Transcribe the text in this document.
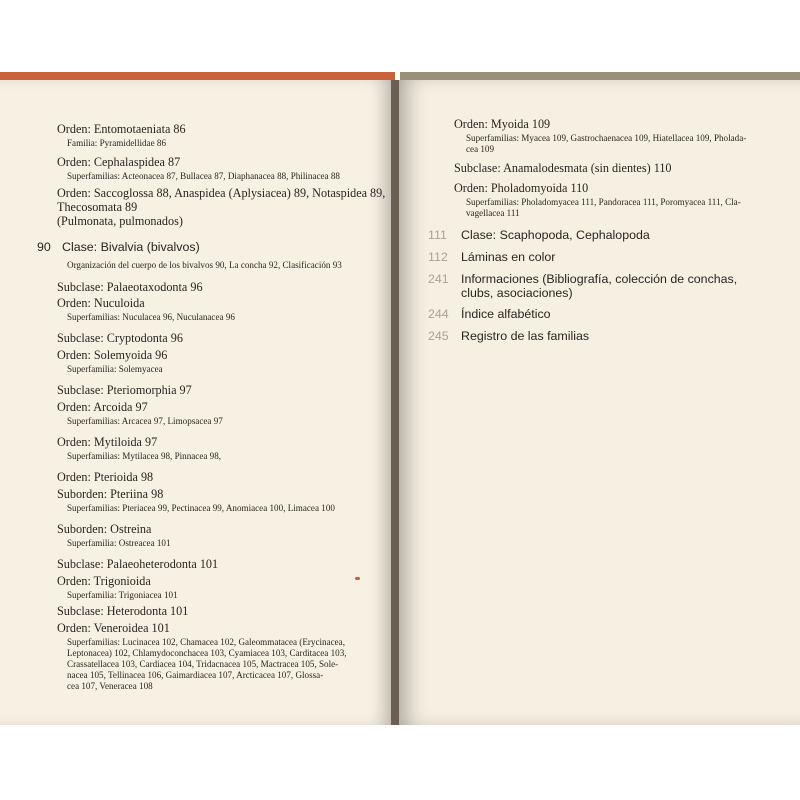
Orden: Entomotaeniata 86
Familia: Pyramidellidae 86
Orden: Cephalaspidea 87
Superfamilias: Acteonacea 87, Bullacea 87, Diaphanacea 88, Philinacea 88
Orden: Saccoglossa 88, Anaspidea (Aplysiacea) 89, Notaspidea 89,
Thecosomata 89
(Pulmonata, pulmonados)
90 Clase: Bivalvia (bivalvos)
Organización del cuerpo de los bivalvos 90, La concha 92, Clasificación 93
Subclase: Palaeotaxodonta 96
Orden: Nuculoida
Superfamilias: Nuculacea 96, Nuculanacea 96
Subclase: Cryptodonta 96
Orden: Solemyoida 96
Superfamilia: Solemyacea
Subclase: Pteriomorphia 97
Orden: Arcoida 97
Superfamilias: Arcacea 97, Limopsacea 97
Orden: Mytiloida 97
Superfamilias: Mytilacea 98, Pinnacea 98,
Orden: Pterioida 98
Suborden: Pteriina 98
Superfamilias: Pteriacea 99, Pectinacea 99, Anomiacea 100, Limacea 100
Suborden: Ostreina
Superfamilia: Ostreacea 101
Subclase: Palaeoheterodonta 101
Orden: Trigonioida
Superfamilia: Trigoniacea 101
Subclase: Heterodonta 101
Orden: Veneroidea 101
Superfamilias: Lucinacea 102, Chamacea 102, Galeommatacea (Erycinacea,
Leptonacea) 102, Chlamydoconchacea 103, Cyamiacea 103, Carditacea 103,
Crassatellacea 103, Cardiacea 104, Tridacnacea 105, Mactracea 105, Sole-
nacea 105, Tellinacea 106, Gaimardiacea 107, Arcticacea 107, Glossa-
cea 107, Veneracea 108
Orden: Myoida 109
Superfamilias: Myacea 109, Gastrochaenacea 109, Hiatellacea 109, Pholada-
cea 109
Subclase: Anamalodesmata (sin dientes) 110
Orden: Pholadomyoida 110
Superfamilias: Pholadomyacea 111, Pandoracea 111, Poromyacea 111, Cla-
vagellacea 111
111 Clase: Scaphopoda, Cephalopoda
112 Láminas en color
241 Informaciones (Bibliografía, colección de conchas,
clubs, asociaciones)
244 Índice alfabético
245 Registro de las familias
